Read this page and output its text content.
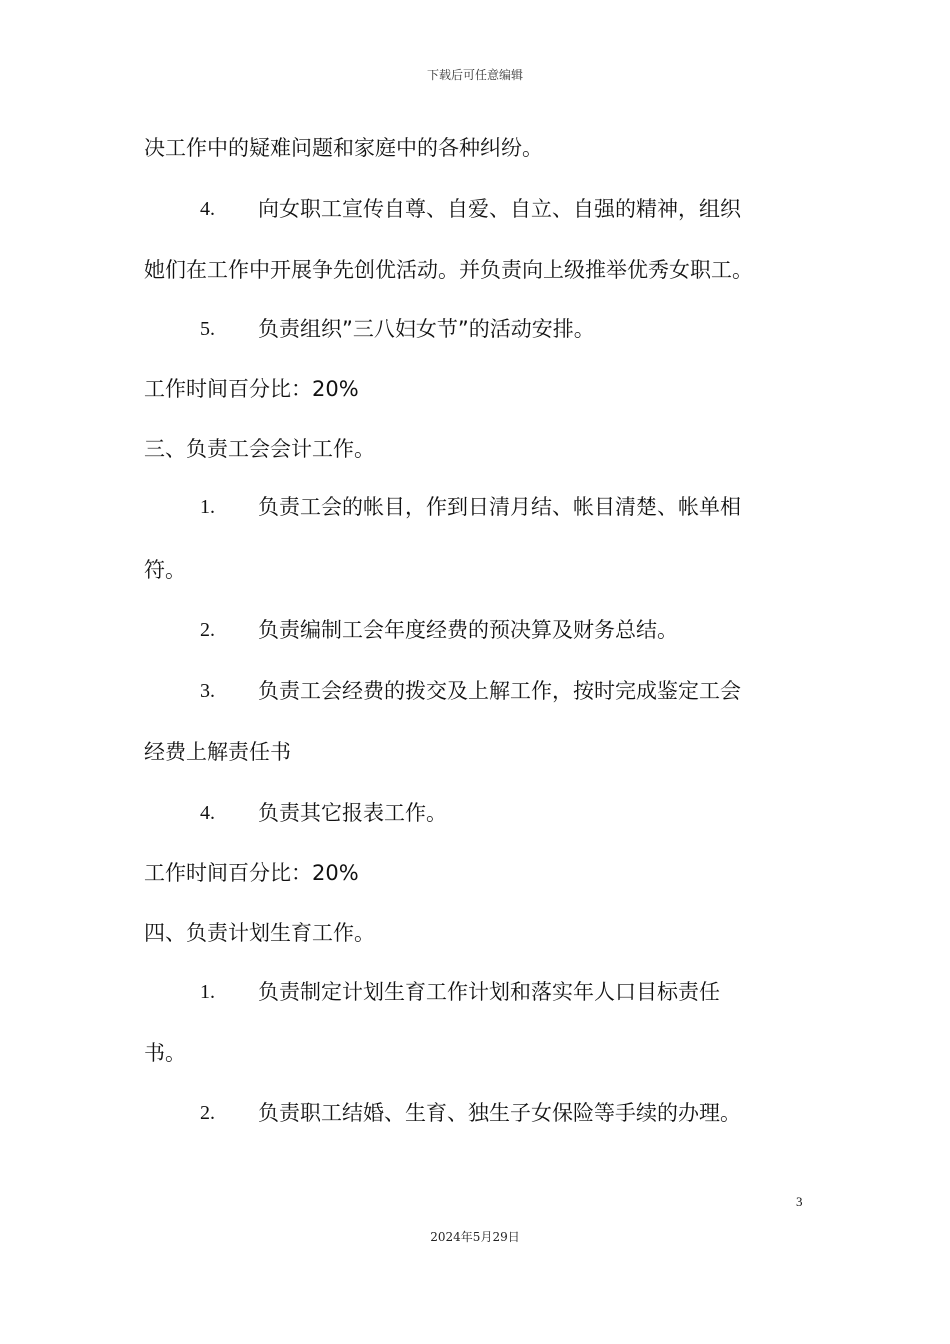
下载后可任意编辑
决工作中的疑难问题和家庭中的各种纠纷。
4. 向女职工宣传自尊、自爱、自立、自强的精神，组织
她们在工作中开展争先创优活动。并负责向上级推举优秀女职工。
5. 负责组织”三八妇女节”的活动安排。
工作时间百分比：20%
三、负责工会会计工作。
1. 负责工会的帐目，作到日清月结、帐目清楚、帐单相
符。
2. 负责编制工会年度经费的预决算及财务总结。
3. 负责工会经费的拨交及上解工作，按时完成鉴定工会
经费上解责任书
4. 负责其它报表工作。
工作时间百分比：20%
四、负责计划生育工作。
1. 负责制定计划生育工作计划和落实年人口目标责任
书。
2. 负责职工结婚、生育、独生子女保险等手续的办理。
3
2024年5月29日
